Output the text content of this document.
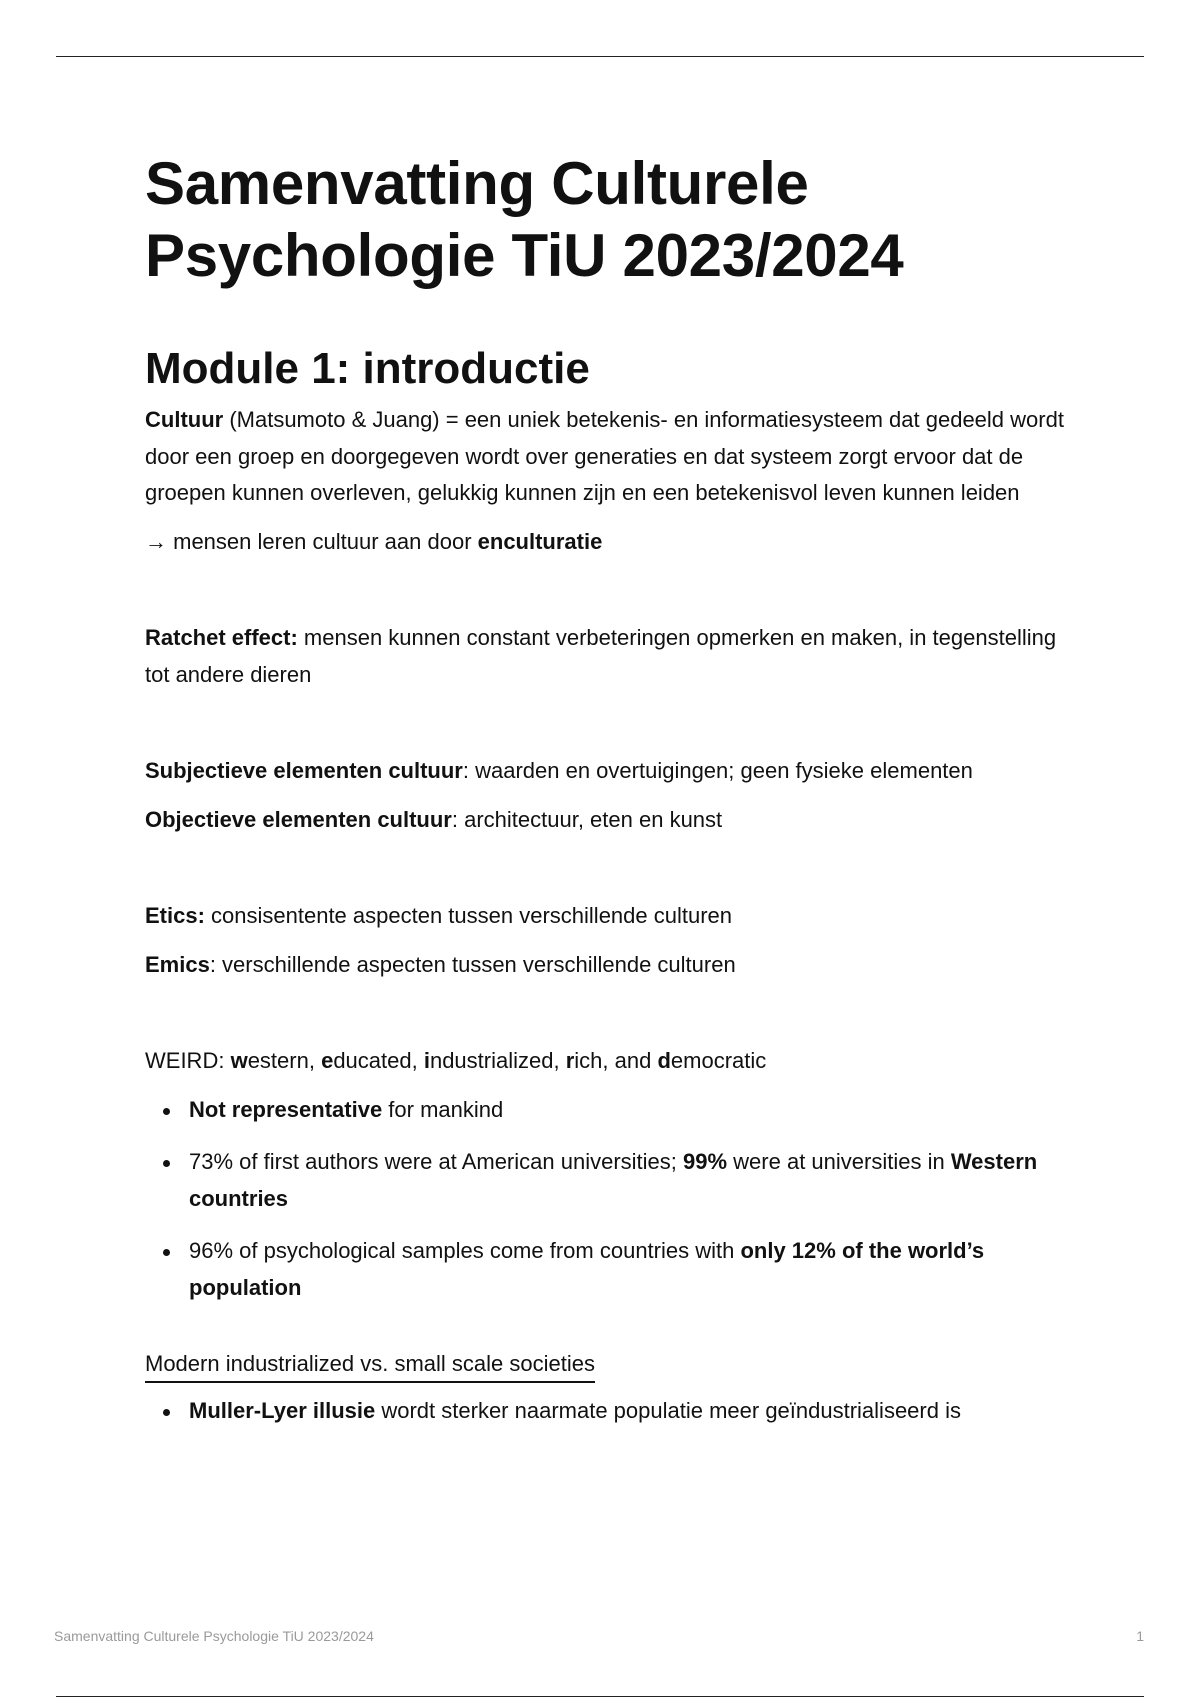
Samenvatting Culturele
Psychologie TiU 2023/2024
Module 1: introductie

Cultuur (Matsumoto & Juang) = een uniek betekenis- en informatiesysteem dat gedeeld wordt door een groep en doorgegeven wordt over generaties en dat systeem zorgt ervoor dat de groepen kunnen overleven, gelukkig kunnen zijn en een betekenisvol leven kunnen leiden

→ mensen leren cultuur aan door enculturatie

Ratchet effect: mensen kunnen constant verbeteringen opmerken en maken, in tegenstelling tot andere dieren

Subjectieve elementen cultuur: waarden en overtuigingen; geen fysieke elementen

Objectieve elementen cultuur: architectuur, eten en kunst

Etics: consisentente aspecten tussen verschillende culturen

Emics: verschillende aspecten tussen verschillende culturen

WEIRD: western, educated, industrialized, rich, and democratic

Not representative for mankind
73% of first authors were at American universities; 99% were at universities in Western countries
96% of psychological samples come from countries with only 12% of the world’s population

Modern industrialized vs. small scale societies

Muller-Lyer illusie wordt sterker naarmate populatie meer geïndustrialiseerd is
Samenvatting Culturele Psychologie TiU 2023/2024	1
